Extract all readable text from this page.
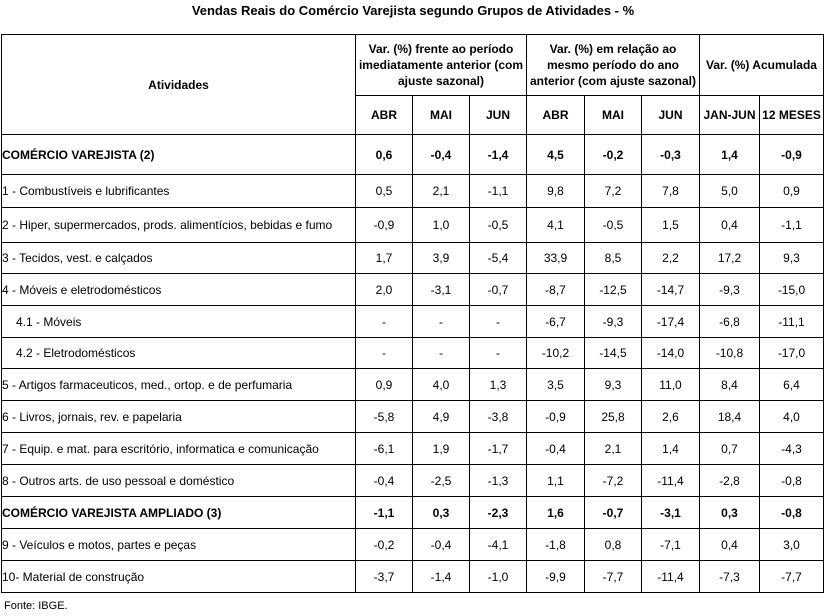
Vendas Reais do Comércio Varejista segundo Grupos de Atividades - %
Atividades	Var. (%) frente ao período imediatamente anterior (com ajuste sazonal)			Var. (%) em relação ao mesmo período do ano anterior (com ajuste sazonal)			Var. (%) Acumulada	
	ABR	MAI	JUN	ABR	MAI	JUN	JAN-JUN	12 MESES
COMÉRCIO VAREJISTA (2)	0,6	-0,4	-1,4	4,5	-0,2	-0,3	1,4	-0,9
1 - Combustíveis e lubrificantes	0,5	2,1	-1,1	9,8	7,2	7,8	5,0	0,9
2 - Hiper, supermercados, prods. alimentícios, bebidas e fumo	-0,9	1,0	-0,5	4,1	-0,5	1,5	0,4	-1,1
3 - Tecidos, vest. e calçados	1,7	3,9	-5,4	33,9	8,5	2,2	17,2	9,3
4 - Móveis e eletrodomésticos	2,0	-3,1	-0,7	-8,7	-12,5	-14,7	-9,3	-15,0
4.1 - Móveis	-	-	-	-6,7	-9,3	-17,4	-6,8	-11,1
4.2 - Eletrodomésticos	-	-	-	-10,2	-14,5	-14,0	-10,8	-17,0
5 - Artigos farmaceuticos, med., ortop. e de perfumaria	0,9	4,0	1,3	3,5	9,3	11,0	8,4	6,4
6 - Livros, jornais, rev. e papelaria	-5,8	4,9	-3,8	-0,9	25,8	2,6	18,4	4,0
7 - Equip. e mat. para escritório, informatica e comunicação	-6,1	1,9	-1,7	-0,4	2,1	1,4	0,7	-4,3
8 - Outros arts. de uso pessoal e doméstico	-0,4	-2,5	-1,3	1,1	-7,2	-11,4	-2,8	-0,8
COMÉRCIO VAREJISTA AMPLIADO (3)	-1,1	0,3	-2,3	1,6	-0,7	-3,1	0,3	-0,8
9 - Veículos e motos, partes e peças	-0,2	-0,4	-4,1	-1,8	0,8	-7,1	0,4	3,0
10- Material de construção	-3,7	-1,4	-1,0	-9,9	-7,7	-11,4	-7,3	-7,7
Fonte: IBGE.
